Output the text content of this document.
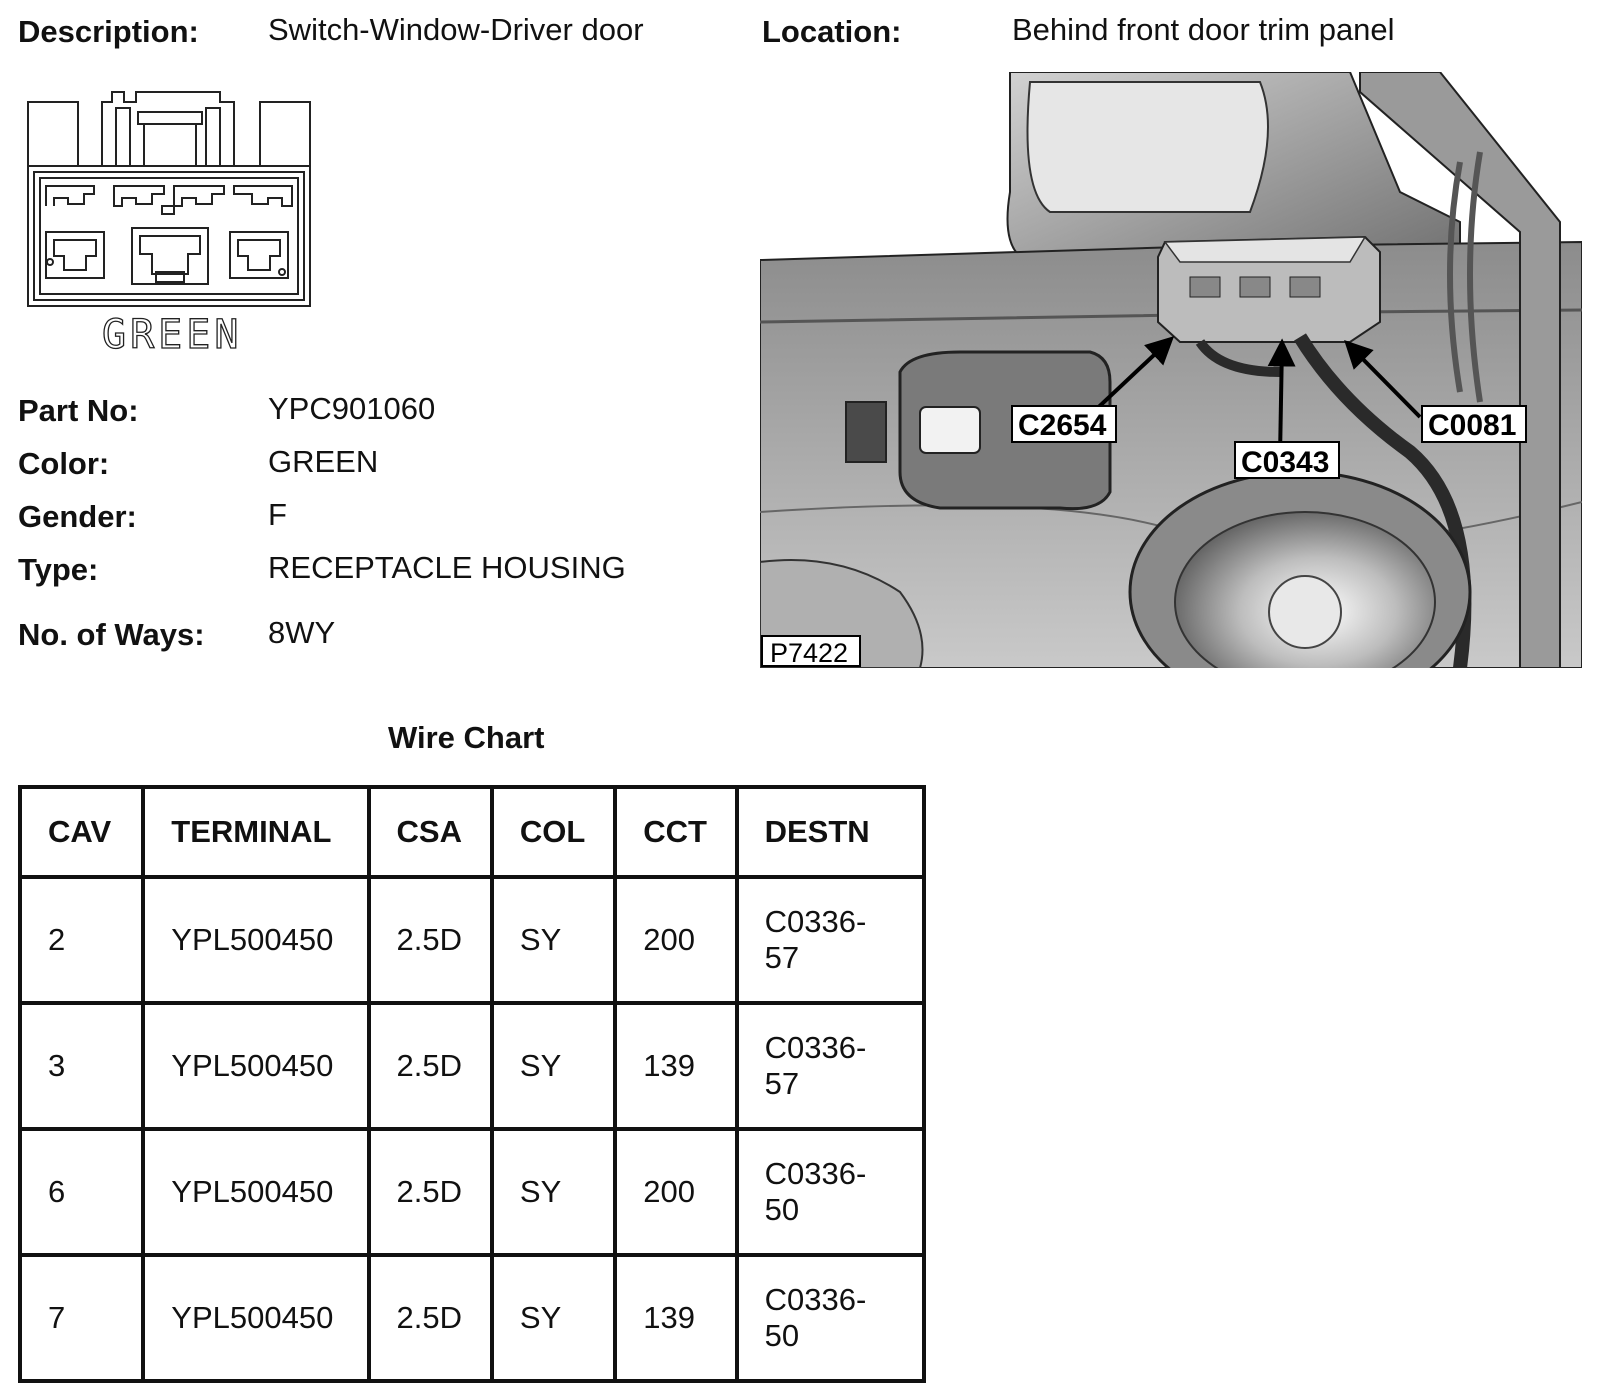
Description: Switch-Window-Driver door	Location:	Behind front door trim panel
GREEN
Part No:	YPC901060
Color:	GREEN
Gender:	F
Type:	RECEPTACLE HOUSING
No. of Ways: 8WY
C2654
C0343
C0081
P7422
Wire Chart
CAV	TERMINAL	CSA	COL	CCT	DESTN
2	YPL500450	2.5D	SY	200	C0336-57

3	YPL500450	2.5D	SY	139	C0336-57

6	YPL500450	2.5D	SY	200	C0336-50

7	YPL500450	2.5D	SY	139	C0336-50
